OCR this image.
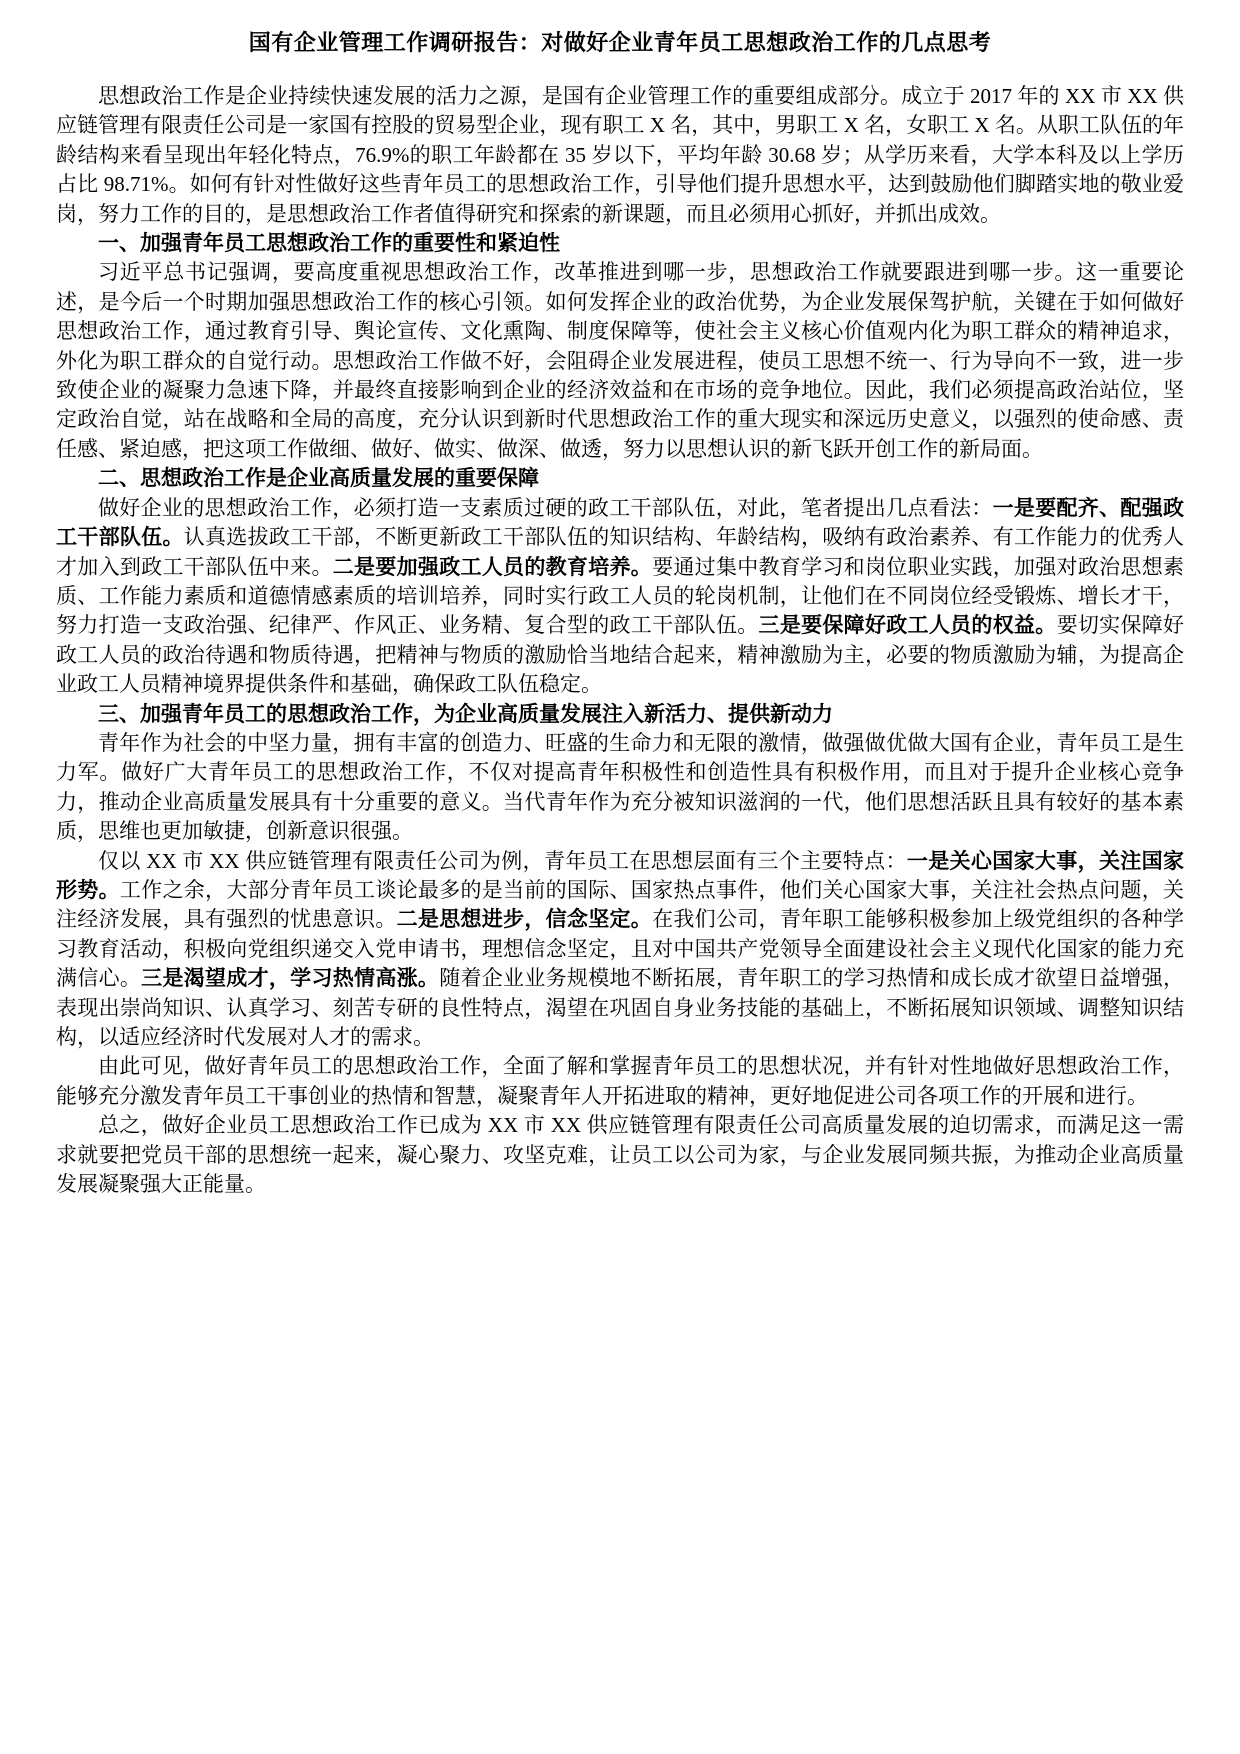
国有企业管理工作调研报告：对做好企业青年员工思想政治工作的几点思考

思想政治工作是企业持续快速发展的活力之源，是国有企业管理工作的重要组成部分。成立于 2017 年的 XX 市 XX 供应链管理有限责任公司是一家国有控股的贸易型企业，现有职工 X 名，其中，男职工 X 名，女职工 X 名。从职工队伍的年龄结构来看呈现出年轻化特点，76.9%的职工年龄都在 35 岁以下，平均年龄 30.68 岁；从学历来看，大学本科及以上学历占比 98.71%。如何有针对性做好这些青年员工的思想政治工作，引导他们提升思想水平，达到鼓励他们脚踏实地的敬业爱岗，努力工作的目的，是思想政治工作者值得研究和探索的新课题，而且必须用心抓好，并抓出成效。

一、加强青年员工思想政治工作的重要性和紧迫性

习近平总书记强调，要高度重视思想政治工作，改革推进到哪一步，思想政治工作就要跟进到哪一步。这一重要论述，是今后一个时期加强思想政治工作的核心引领。如何发挥企业的政治优势，为企业发展保驾护航，关键在于如何做好思想政治工作，通过教育引导、舆论宣传、文化熏陶、制度保障等，使社会主义核心价值观内化为职工群众的精神追求，外化为职工群众的自觉行动。思想政治工作做不好，会阻碍企业发展进程，使员工思想不统一、行为导向不一致，进一步致使企业的凝聚力急速下降，并最终直接影响到企业的经济效益和在市场的竞争地位。因此，我们必须提高政治站位，坚定政治自觉，站在战略和全局的高度，充分认识到新时代思想政治工作的重大现实和深远历史意义，以强烈的使命感、责任感、紧迫感，把这项工作做细、做好、做实、做深、做透，努力以思想认识的新飞跃开创工作的新局面。

二、思想政治工作是企业高质量发展的重要保障

做好企业的思想政治工作，必须打造一支素质过硬的政工干部队伍，对此，笔者提出几点看法：一是要配齐、配强政工干部队伍。认真选拔政工干部，不断更新政工干部队伍的知识结构、年龄结构，吸纳有政治素养、有工作能力的优秀人才加入到政工干部队伍中来。二是要加强政工人员的教育培养。要通过集中教育学习和岗位职业实践，加强对政治思想素质、工作能力素质和道德情感素质的培训培养，同时实行政工人员的轮岗机制，让他们在不同岗位经受锻炼、增长才干，努力打造一支政治强、纪律严、作风正、业务精、复合型的政工干部队伍。三是要保障好政工人员的权益。要切实保障好政工人员的政治待遇和物质待遇，把精神与物质的激励恰当地结合起来，精神激励为主，必要的物质激励为辅，为提高企业政工人员精神境界提供条件和基础，确保政工队伍稳定。

三、加强青年员工的思想政治工作，为企业高质量发展注入新活力、提供新动力

青年作为社会的中坚力量，拥有丰富的创造力、旺盛的生命力和无限的激情，做强做优做大国有企业，青年员工是生力军。做好广大青年员工的思想政治工作，不仅对提高青年积极性和创造性具有积极作用，而且对于提升企业核心竞争力，推动企业高质量发展具有十分重要的意义。当代青年作为充分被知识滋润的一代，他们思想活跃且具有较好的基本素质，思维也更加敏捷，创新意识很强。

仅以 XX 市 XX 供应链管理有限责任公司为例，青年员工在思想层面有三个主要特点：一是关心国家大事，关注国家形势。工作之余，大部分青年员工谈论最多的是当前的国际、国家热点事件，他们关心国家大事，关注社会热点问题，关注经济发展，具有强烈的忧患意识。二是思想进步，信念坚定。在我们公司，青年职工能够积极参加上级党组织的各种学习教育活动，积极向党组织递交入党申请书，理想信念坚定，且对中国共产党领导全面建设社会主义现代化国家的能力充满信心。三是渴望成才，学习热情高涨。随着企业业务规模地不断拓展，青年职工的学习热情和成长成才欲望日益增强，表现出崇尚知识、认真学习、刻苦专研的良性特点，渴望在巩固自身业务技能的基础上，不断拓展知识领域、调整知识结构，以适应经济时代发展对人才的需求。

由此可见，做好青年员工的思想政治工作，全面了解和掌握青年员工的思想状况，并有针对性地做好思想政治工作，能够充分激发青年员工干事创业的热情和智慧，凝聚青年人开拓进取的精神，更好地促进公司各项工作的开展和进行。

总之，做好企业员工思想政治工作已成为 XX 市 XX 供应链管理有限责任公司高质量发展的迫切需求，而满足这一需求就要把党员干部的思想统一起来，凝心聚力、攻坚克难，让员工以公司为家，与企业发展同频共振，为推动企业高质量发展凝聚强大正能量。
